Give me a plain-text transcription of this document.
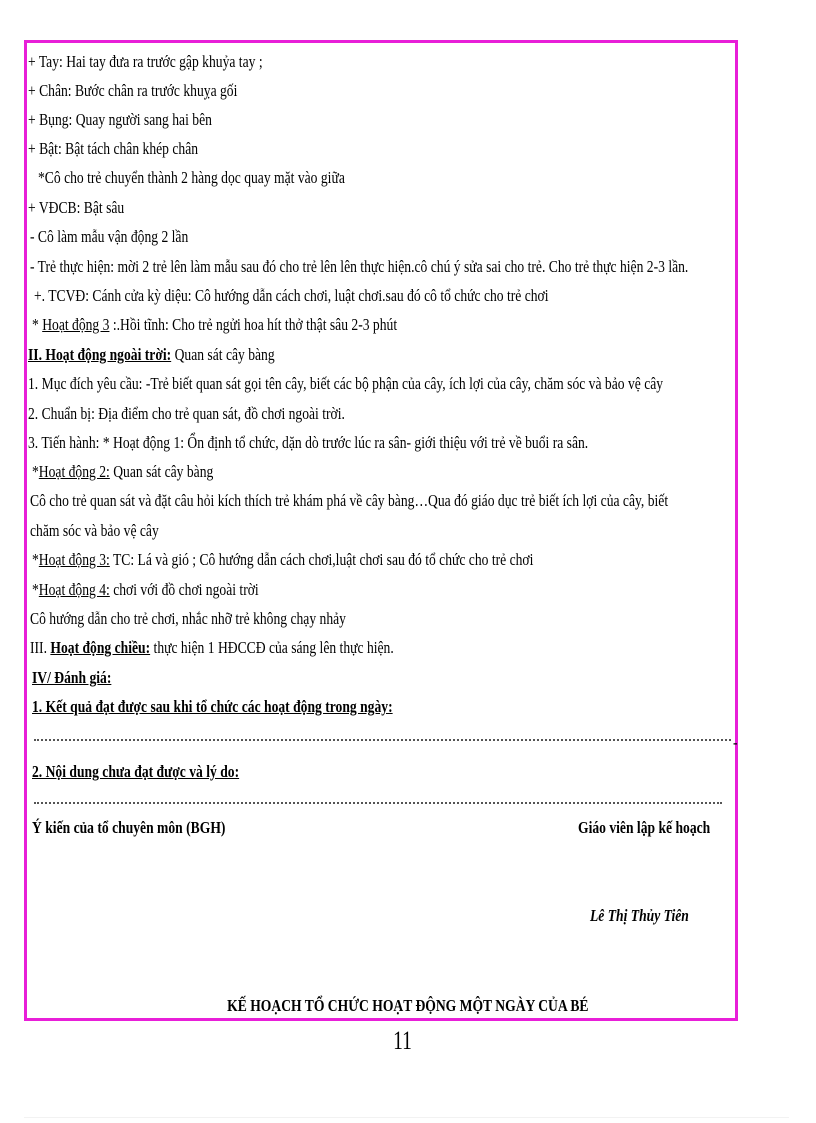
+ Tay: Hai tay đưa ra trước gập khuỷa tay ;
+ Chân: Bước chân ra trước khuỵa gối
+ Bụng: Quay người sang hai bên
+ Bật: Bật tách chân khép chân
*Cô cho trẻ chuyển thành 2 hàng dọc quay mặt vào giữa
+ VĐCB: Bật sâu
- Cô làm mẫu vận động 2 lần
- Trẻ thực hiện: mời 2 trẻ lên làm mẫu sau đó cho trẻ lên lên thực hiện.cô chú ý sửa sai cho trẻ. Cho trẻ thực hiện 2-3 lần.
+. TCVĐ: Cánh cửa kỳ diệu: Cô hướng dẫn cách chơi, luật chơi.sau đó cô tổ chức cho trẻ chơi
* Hoạt động 3 :.Hồi tĩnh: Cho trẻ ngửi hoa hít thở thật sâu 2-3 phút
II. Hoạt động ngoài trời: Quan sát cây bàng
1. Mục đích yêu cầu: -Trẻ biết quan sát gọi tên cây, biết các bộ phận của cây, ích lợi của cây, chăm sóc và bảo vệ cây
2. Chuẩn bị: Địa điểm cho trẻ quan sát, đồ chơi ngoài trời.
3. Tiến hành: * Hoạt động 1: Ổn định tổ chức, dặn dò trước lúc ra sân- giới thiệu với trẻ về buổi ra sân.
*Hoạt động 2: Quan sát cây bàng
Cô cho trẻ quan sát và đặt câu hỏi kích thích trẻ khám phá về cây bàng…Qua đó giáo dục trẻ biết ích lợi của cây, biết
chăm sóc và bảo vệ cây
*Hoạt động 3: TC: Lá và gió ; Cô hướng dẫn cách chơi,luật chơi sau đó tổ chức cho trẻ chơi
*Hoạt động 4: chơi với đồ chơi ngoài trời
Cô hướng dẫn cho trẻ chơi, nhắc nhỡ trẻ không chạy nhảy
III. Hoạt động chiều: thực hiện 1 HĐCCĐ của sáng lên thực hiện.
IV/ Đánh giá:
1. Kết quả đạt được sau khi tổ chức các hoạt động trong ngày:
-
2. Nội dung chưa đạt được và lý do:
Ý kiến của tổ chuyên môn (BGH)	Giáo viên lập kế hoạch
Lê Thị Thủy Tiên
KẾ HOẠCH TỔ CHỨC HOẠT ĐỘNG MỘT NGÀY CỦA BÉ
11
